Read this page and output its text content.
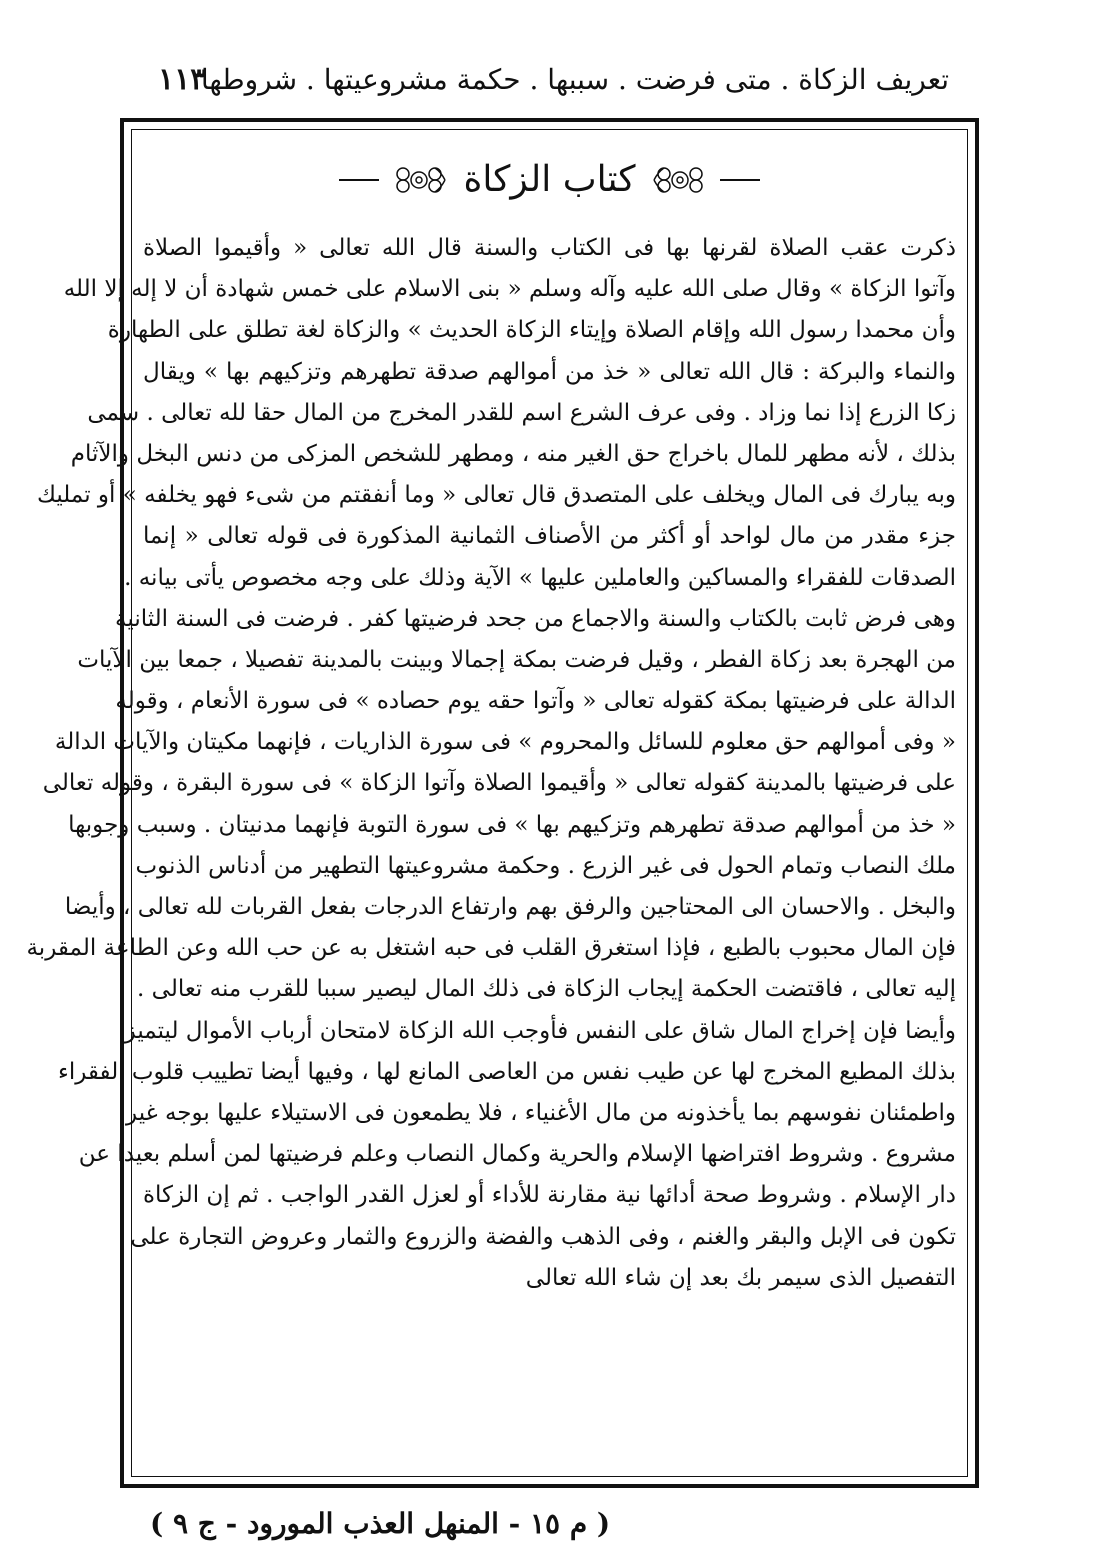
تعريف الزكاة . متى فرضت . سببها . حكمة مشروعيتها . شروطها
١١٣
كتاب الزكاة
ذكرت عقب الصلاة لقرنها بها فى الكتاب والسنة قال الله تعالى « وأقيموا الصلاة
وآتوا الزكاة » وقال صلى الله عليه وآله وسلم « بنى الاسلام على خمس شهادة أن لا إله إلا الله
وأن محمدا رسول الله وإقام الصلاة وإيتاء الزكاة الحديث » والزكاة لغة تطلق على الطهارة
والنماء والبركة : قال الله تعالى « خذ من أموالهم صدقة تطهرهم وتزكيهم بها » ويقال
زكا الزرع إذا نما وزاد . وفى عرف الشرع اسم للقدر المخرج من المال حقا لله تعالى . سمى
بذلك ، لأنه مطهر للمال باخراج حق الغير منه ، ومطهر للشخص المزكى من دنس البخل والآثام
وبه يبارك فى المال ويخلف على المتصدق قال تعالى « وما أنفقتم من شىء فهو يخلفه » أو تمليك
جزء مقدر من مال لواحد أو أكثر من الأصناف الثمانية المذكورة فى قوله تعالى « إنما
الصدقات للفقراء والمساكين والعاملين عليها » الآية وذلك على وجه مخصوص يأتى بيانه .
وهى فرض ثابت بالكتاب والسنة والاجماع من جحد فرضيتها كفر . فرضت فى السنة الثانية
من الهجرة بعد زكاة الفطر ، وقيل فرضت بمكة إجمالا وبينت بالمدينة تفصيلا ، جمعا بين الآيات
الدالة على فرضيتها بمكة كقوله تعالى « وآتوا حقه يوم حصاده » فى سورة الأنعام ، وقوله
« وفى أموالهم حق معلوم للسائل والمحروم » فى سورة الذاريات ، فإنهما مكيتان والآيات الدالة
على فرضيتها بالمدينة كقوله تعالى « وأقيموا الصلاة وآتوا الزكاة » فى سورة البقرة ، وقوله تعالى
« خذ من أموالهم صدقة تطهرهم وتزكيهم بها » فى سورة التوبة فإنهما مدنيتان . وسبب وجوبها
ملك النصاب وتمام الحول فى غير الزرع . وحكمة مشروعيتها التطهير من أدناس الذنوب
والبخل . والاحسان الى المحتاجين والرفق بهم وارتفاع الدرجات بفعل القربات لله تعالى ، وأيضا
فإن المال محبوب بالطبع ، فإذا استغرق القلب فى حبه اشتغل به عن حب الله وعن الطاعة المقربة
إليه تعالى ، فاقتضت الحكمة إيجاب الزكاة فى ذلك المال ليصير سببا للقرب منه تعالى .
وأيضا فإن إخراج المال شاق على النفس فأوجب الله الزكاة لامتحان أرباب الأموال ليتميز
بذلك المطيع المخرج لها عن طيب نفس من العاصى المانع لها ، وفيها أيضا تطييب قلوب الفقراء
واطمئنان نفوسهم بما يأخذونه من مال الأغنياء ، فلا يطمعون فى الاستيلاء عليها بوجه غير
مشروع . وشروط افتراضها الإسلام والحرية وكمال النصاب وعلم فرضيتها لمن أسلم بعيدا عن
دار الإسلام . وشروط صحة أدائها نية مقارنة للأداء أو لعزل القدر الواجب . ثم إن الزكاة
تكون فى الإبل والبقر والغنم ، وفى الذهب والفضة والزروع والثمار وعروض التجارة على
التفصيل الذى سيمر بك بعد إن شاء الله تعالى
( م ١٥ - المنهل العذب المورود - ج ٩ )
